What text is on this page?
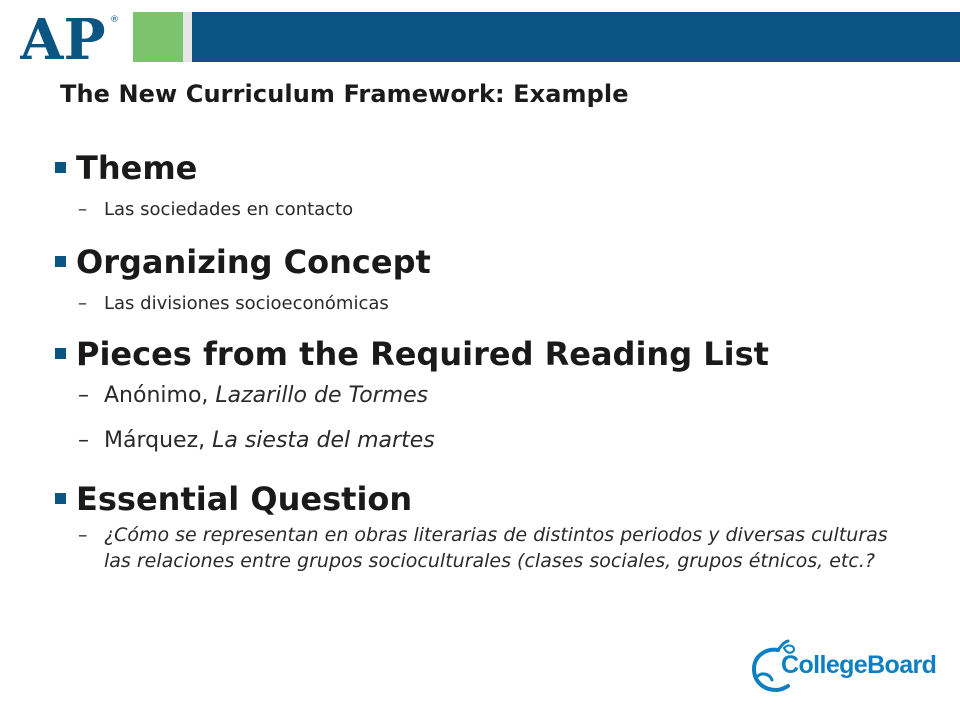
AP ®
The New Curriculum Framework: Example
Theme
– Las sociedades en contacto
Organizing Concept
– Las divisiones socioeconómicas
Pieces from the Required Reading List
– Anónimo, Lazarillo de Tormes
– Márquez, La siesta del martes
Essential Question
– ¿Cómo se representan en obras literarias de distintos periodos y diversas culturas las relaciones entre grupos socioculturales (clases sociales, grupos étnicos, etc.?
CollegeBoard
